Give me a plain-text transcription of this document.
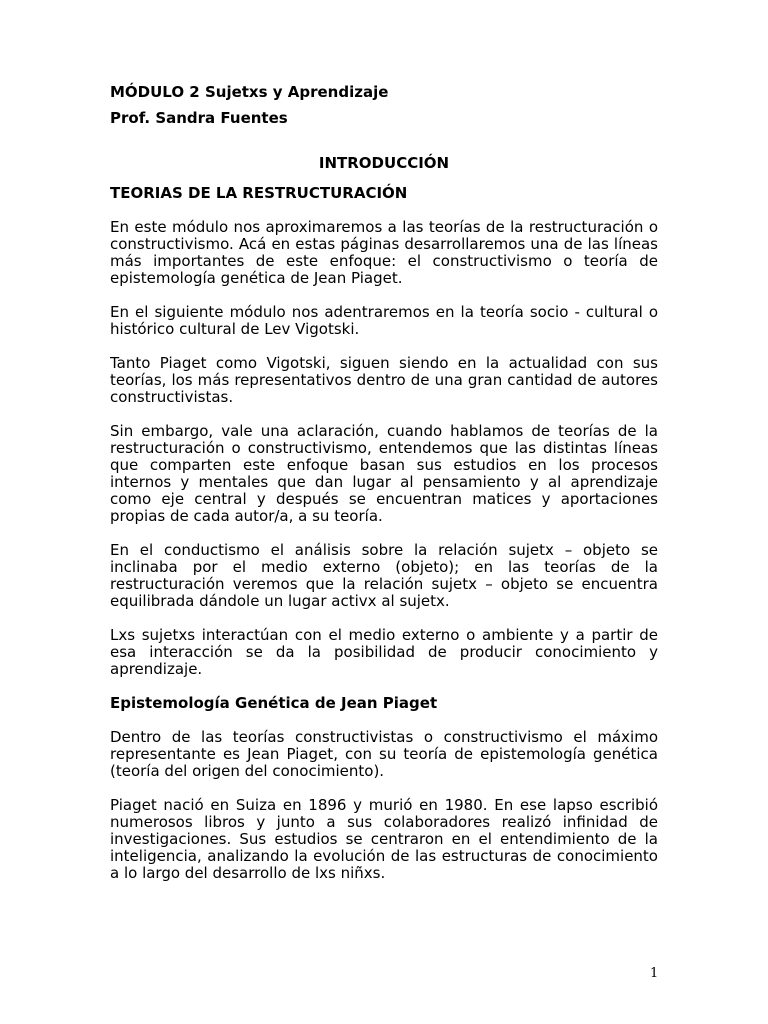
MÓDULO 2 Sujetxs y Aprendizaje

Prof. Sandra Fuentes

INTRODUCCIÓN

TEORIAS DE LA RESTRUCTURACIÓN

En este módulo nos aproximaremos a las teorías de la restructuración o constructivismo. Acá en estas páginas desarrollaremos una de las líneas más importantes de este enfoque: el constructivismo o teoría de epistemología genética de Jean Piaget.

En el siguiente módulo nos adentraremos en la teoría socio - cultural o histórico cultural de Lev Vigotski.

Tanto Piaget como Vigotski, siguen siendo en la actualidad con sus teorías, los más representativos dentro de una gran cantidad de autores constructivistas.

Sin embargo, vale una aclaración, cuando hablamos de teorías de la restructuración o constructivismo, entendemos que las distintas líneas que comparten este enfoque basan sus estudios en los procesos internos y mentales que dan lugar al pensamiento y al aprendizaje como eje central y después se encuentran matices y aportaciones propias de cada autor/a, a su teoría.

En el conductismo el análisis sobre la relación sujetx – objeto se inclinaba por el medio externo (objeto); en las teorías de la restructuración veremos que la relación sujetx – objeto se encuentra equilibrada dándole un lugar activx al sujetx.

Lxs sujetxs interactúan con el medio externo o ambiente y a partir de esa interacción se da la posibilidad de producir conocimiento y aprendizaje.

Epistemología Genética de Jean Piaget

Dentro de las teorías constructivistas o constructivismo el máximo representante es Jean Piaget, con su teoría de epistemología genética (teoría del origen del conocimiento).

Piaget nació en Suiza en 1896 y murió en 1980. En ese lapso escribió numerosos libros y junto a sus colaboradores realizó infinidad de investigaciones. Sus estudios se centraron en el entendimiento de la inteligencia, analizando la evolución de las estructuras de conocimiento a lo largo del desarrollo de lxs niñxs.

1
